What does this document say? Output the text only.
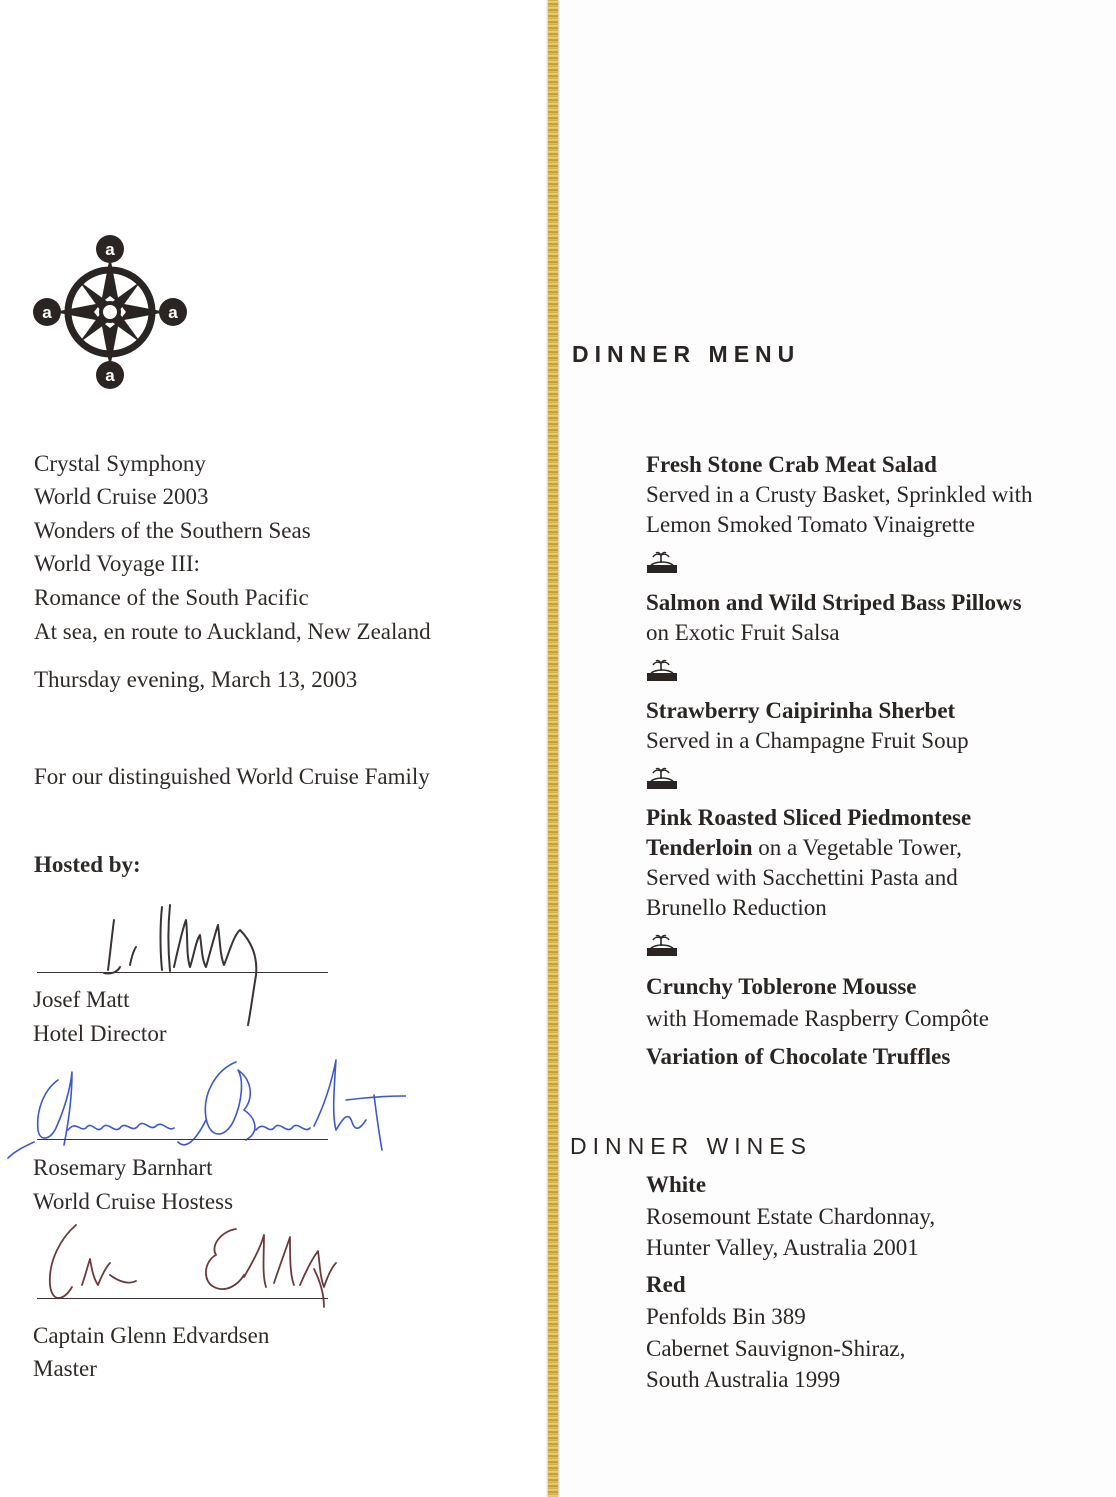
a
a
a	a
Crystal Symphony
World Cruise 2003
Wonders of the Southern Seas
World Voyage III:
Romance of the South Pacific
At sea, en route to Auckland, New Zealand
Thursday evening, March 13, 2003
For our distinguished World Cruise Family
Hosted by:
Josef Matt
Hotel Director
Rosemary Barnhart
World Cruise Hostess
Captain Glenn Edvardsen
Master
DINNER MENU
Fresh Stone Crab Meat Salad
Served in a Crusty Basket, Sprinkled with
Lemon Smoked Tomato Vinaigrette
Salmon and Wild Striped Bass Pillows
on Exotic Fruit Salsa
Strawberry Caipirinha Sherbet
Served in a Champagne Fruit Soup
Pink Roasted Sliced Piedmontese
Tenderloin on a Vegetable Tower,
Served with Sacchettini Pasta and
Brunello Reduction
Crunchy Toblerone Mousse
with Homemade Raspberry Compôte
Variation of Chocolate Truffles
DINNER WINES
White
Rosemount Estate Chardonnay,
Hunter Valley, Australia 2001
Red
Penfolds Bin 389
Cabernet Sauvignon-Shiraz,
South Australia 1999
